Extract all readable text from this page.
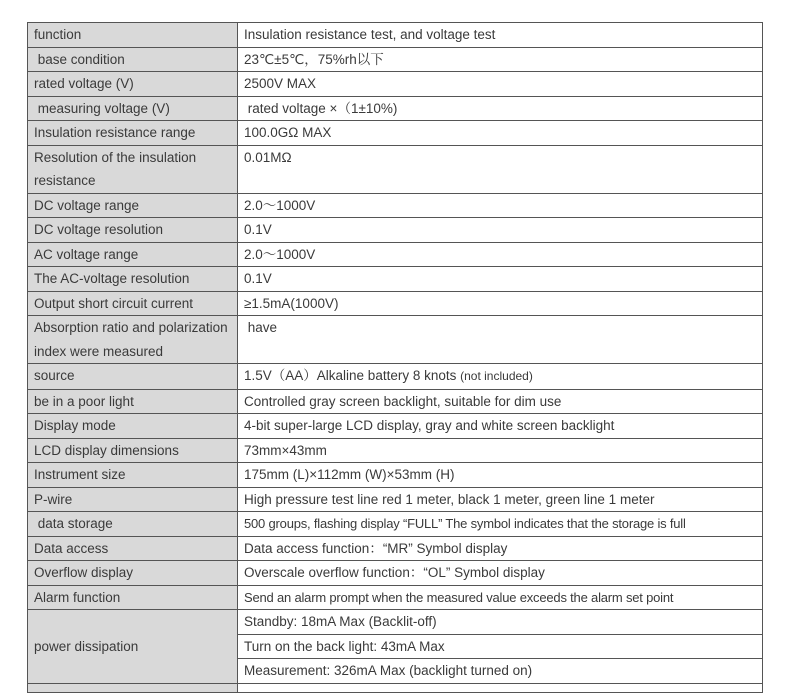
function	Insulation resistance test, and voltage test
base condition	23℃±5℃，75%rh以下
rated voltage (V)	2500V MAX
measuring voltage (V)	rated voltage ×（1±10%)
Insulation resistance range	100.0GΩ MAX
Resolution of the insulation resistance	0.01MΩ
DC voltage range	2.0～1000V
DC voltage resolution	0.1V
AC voltage range	2.0～1000V
The AC-voltage resolution	0.1V
Output short circuit current	≥1.5mA(1000V)
Absorption ratio and polarization index were measured	have
source	1.5V（AA）Alkaline battery 8 knots (not included)
be in a poor light	Controlled gray screen backlight, suitable for dim use
Display mode	4-bit super-large LCD display, gray and white screen backlight
LCD display dimensions	73mm×43mm
Instrument size	175mm (L)×112mm (W)×53mm (H)
P-wire	High pressure test line red 1 meter, black 1 meter, green line 1 meter
data storage	500 groups, flashing display “FULL” The symbol indicates that the storage is full
Data access	Data access function：“MR” Symbol display
Overflow display	Overscale overflow function：“OL” Symbol display
Alarm function	Send an alarm prompt when the measured value exceeds the alarm set point
power dissipation	Standby: 18mA Max (Backlit-off)
	Turn on the back light: 43mA Max
	Measurement: 326mA Max (backlight turned on)
